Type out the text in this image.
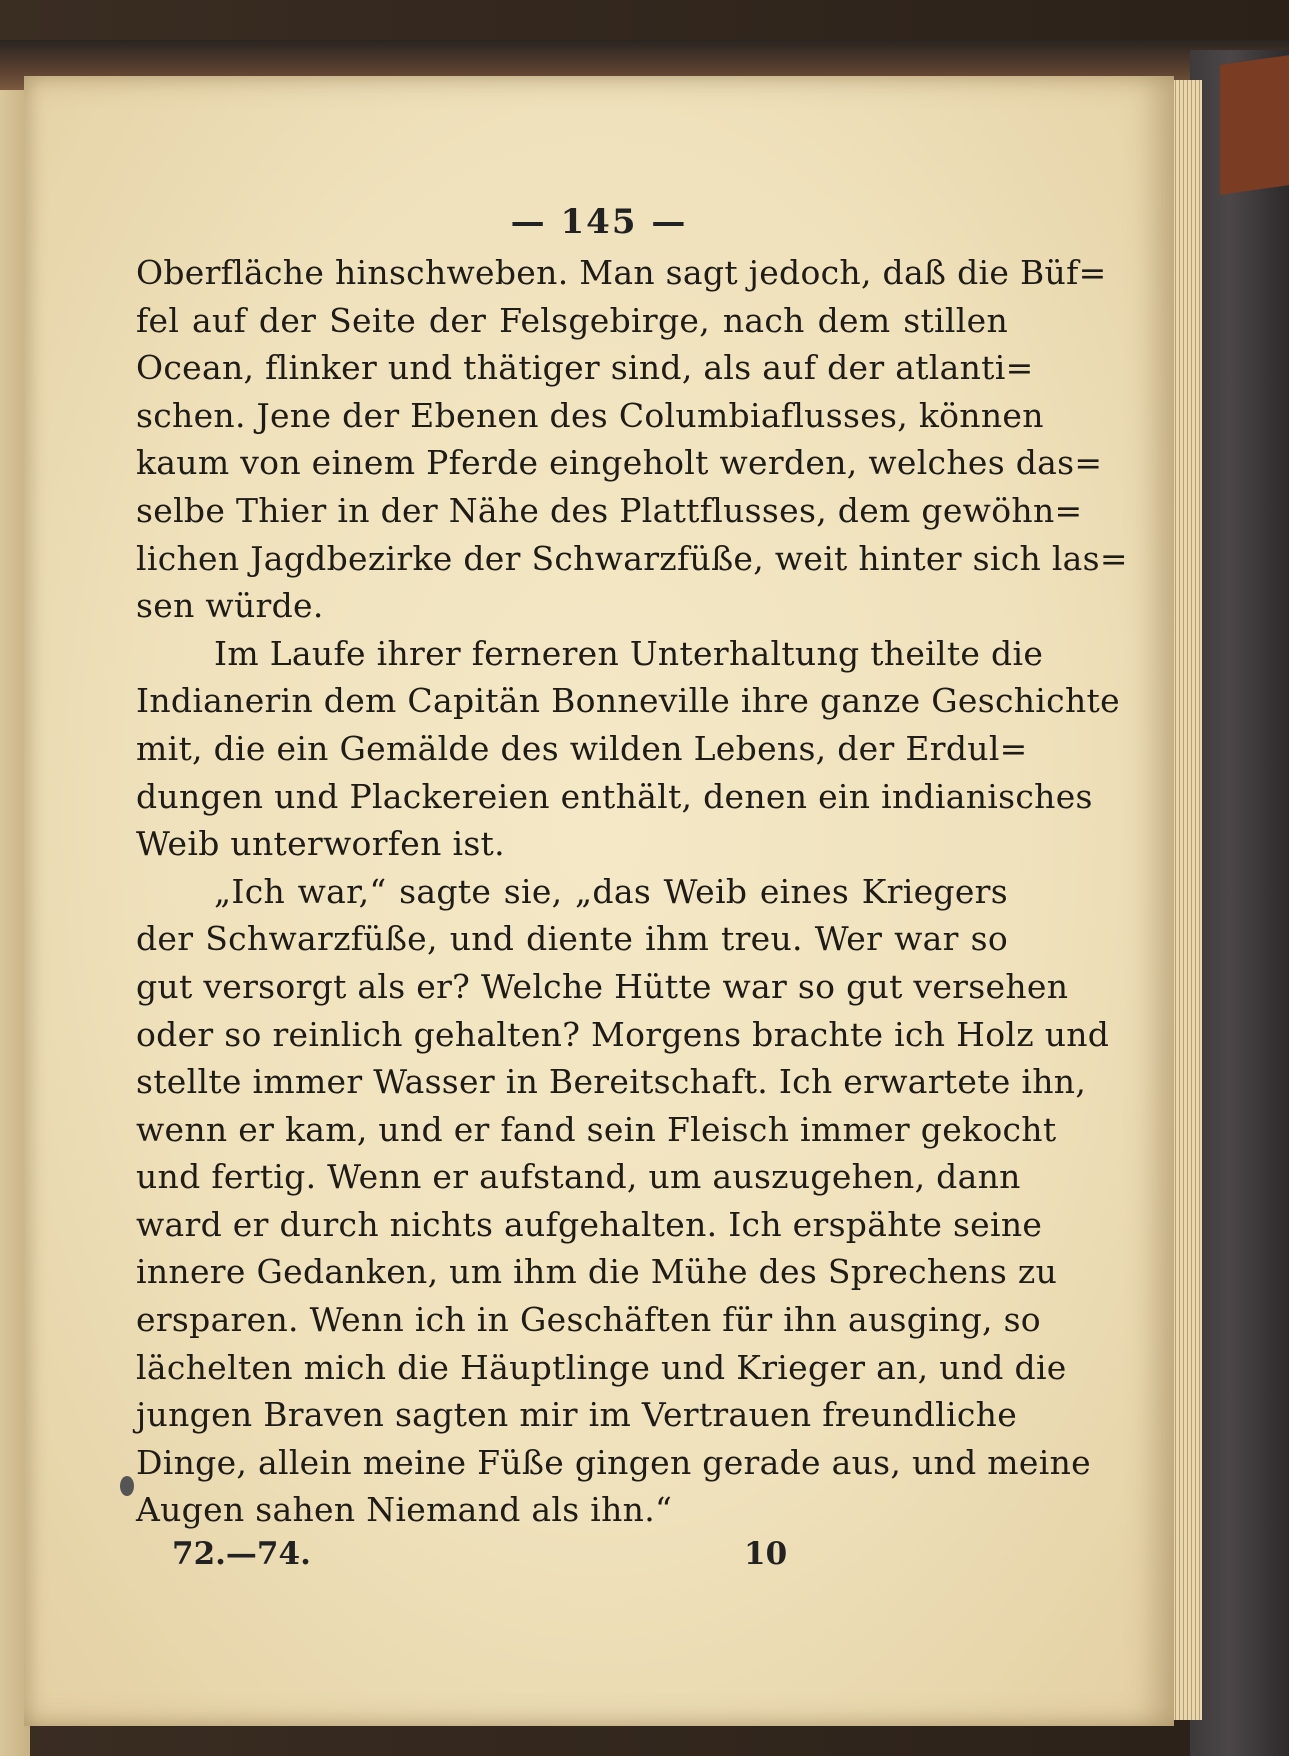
— 145 —
Oberfläche hinschweben. Man sagt jedoch, daß die Büf=
fel auf der Seite der Felsgebirge, nach dem stillen
Ocean, flinker und thätiger sind, als auf der atlanti=
schen. Jene der Ebenen des Columbiaflusses, können
kaum von einem Pferde eingeholt werden, welches das=
selbe Thier in der Nähe des Plattflusses, dem gewöhn=
lichen Jagdbezirke der Schwarzfüße, weit hinter sich las=
sen würde.
Im Laufe ihrer ferneren Unterhaltung theilte die
Indianerin dem Capitän Bonneville ihre ganze Geschichte
mit, die ein Gemälde des wilden Lebens, der Erdul=
dungen und Plackereien enthält, denen ein indianisches
Weib unterworfen ist.
„Ich war,“ sagte sie, „das Weib eines Kriegers
der Schwarzfüße, und diente ihm treu. Wer war so
gut versorgt als er? Welche Hütte war so gut versehen
oder so reinlich gehalten? Morgens brachte ich Holz und
stellte immer Wasser in Bereitschaft. Ich erwartete ihn,
wenn er kam, und er fand sein Fleisch immer gekocht
und fertig. Wenn er aufstand, um auszugehen, dann
ward er durch nichts aufgehalten. Ich erspähte seine
innere Gedanken, um ihm die Mühe des Sprechens zu
ersparen. Wenn ich in Geschäften für ihn ausging, so
lächelten mich die Häuptlinge und Krieger an, und die
jungen Braven sagten mir im Vertrauen freundliche
Dinge, allein meine Füße gingen gerade aus, und meine
Augen sahen Niemand als ihn.“
72.—74.	10
